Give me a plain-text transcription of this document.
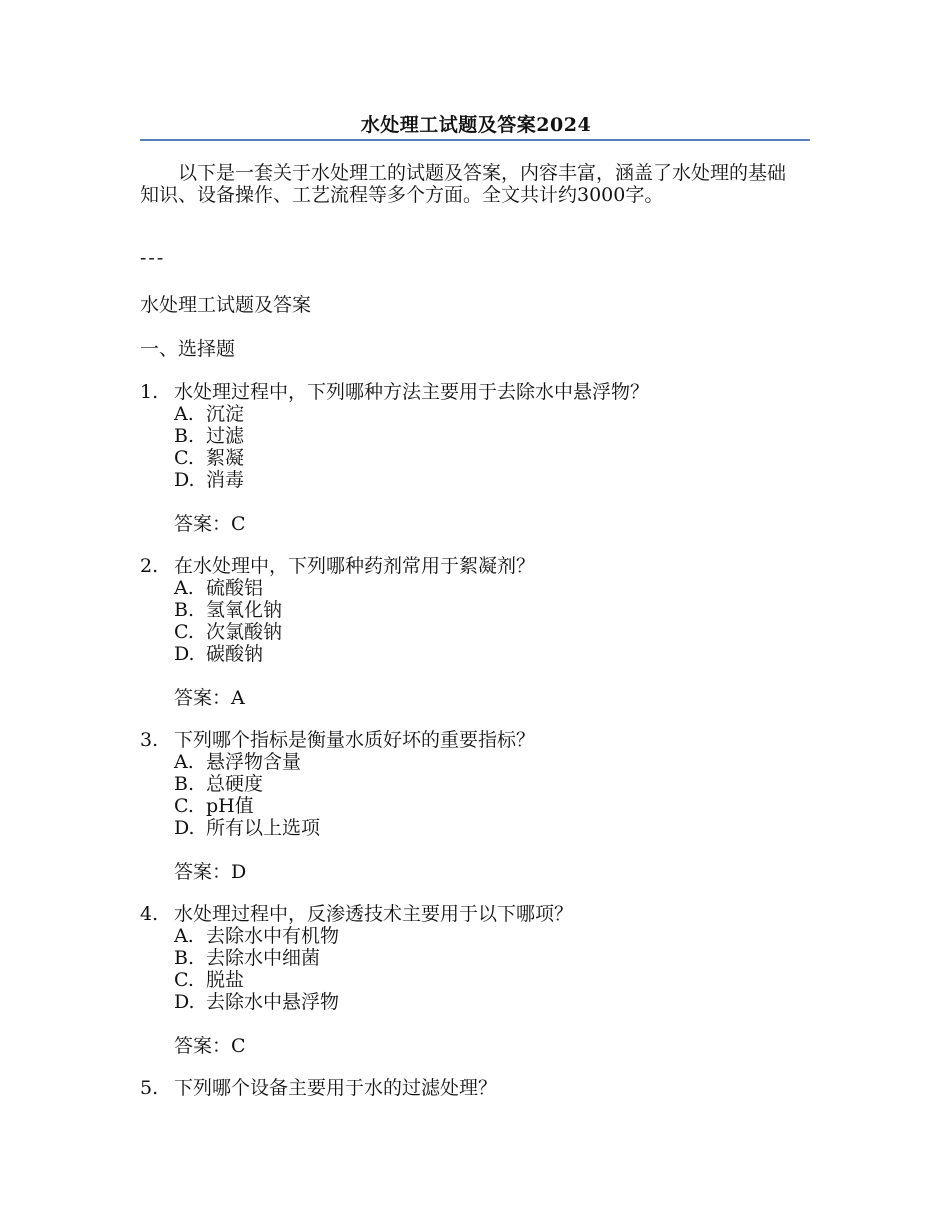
水处理工试题及答案2024

以下是一套关于水处理工的试题及答案，内容丰富，涵盖了水处理的基础知识、设备操作、工艺流程等多个方面。全文共计约3000字。

---
水处理工试题及答案
一、选择题
1. 水处理过程中，下列哪种方法主要用于去除水中悬浮物？
A. 沉淀
B. 过滤
C. 絮凝
D. 消毒
答案：C
2. 在水处理中，下列哪种药剂常用于絮凝剂？
A. 硫酸铝
B. 氢氧化钠
C. 次氯酸钠
D. 碳酸钠
答案：A
3. 下列哪个指标是衡量水质好坏的重要指标？
A. 悬浮物含量
B. 总硬度
C. pH值
D. 所有以上选项
答案：D
4. 水处理过程中，反渗透技术主要用于以下哪项？
A. 去除水中有机物
B. 去除水中细菌
C. 脱盐
D. 去除水中悬浮物
答案：C
5. 下列哪个设备主要用于水的过滤处理？
